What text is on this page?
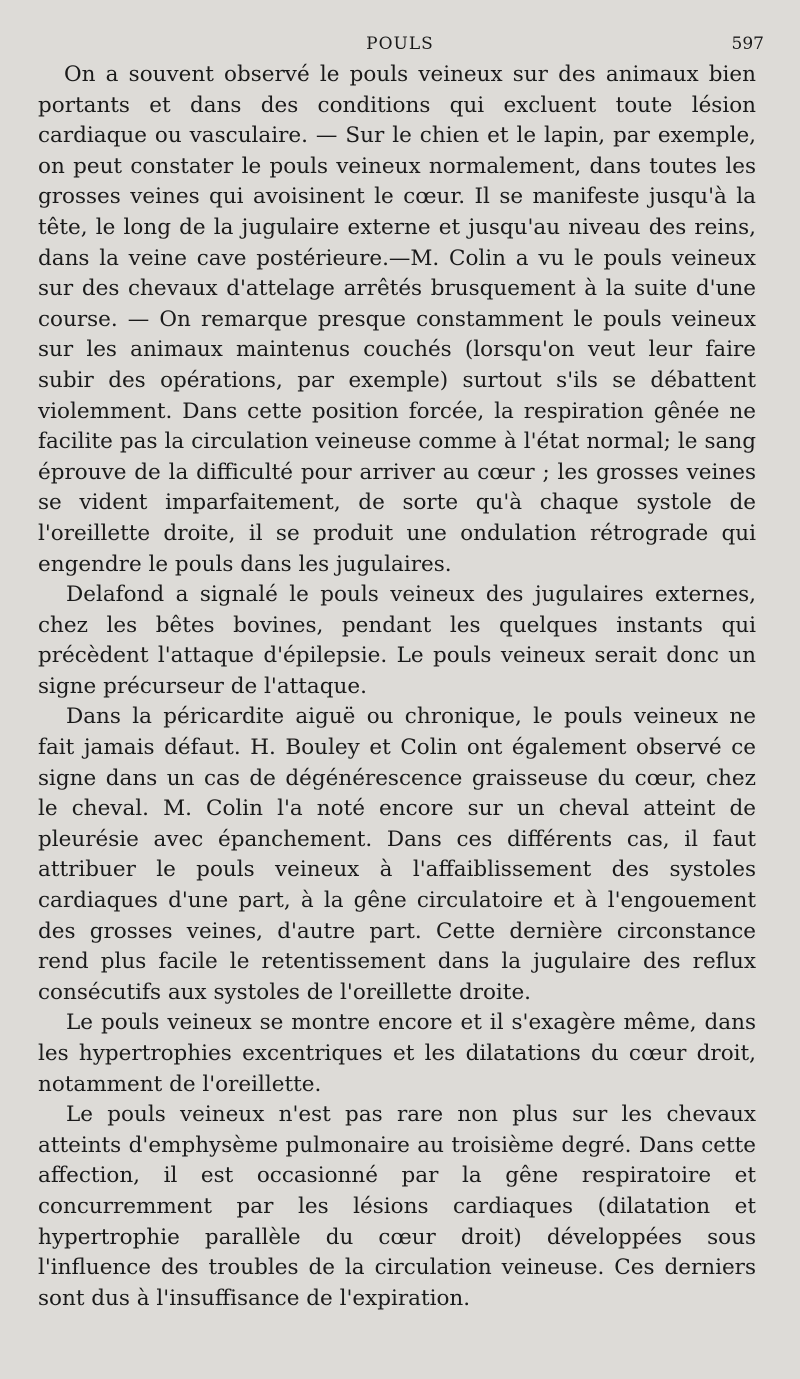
POULS	597

On a souvent observé le pouls veineux sur des animaux bien portants et dans des conditions qui excluent toute lésion cardiaque ou vasculaire. — Sur le chien et le lapin, par exemple, on peut constater le pouls veineux normalement, dans toutes les grosses veines qui avoisinent le cœur. Il se manifeste jusqu'à la tête, le long de la jugulaire externe et jusqu'au niveau des reins, dans la veine cave postérieure.—M. Colin a vu le pouls veineux sur des chevaux d'attelage arrêtés brusquement à la suite d'une course. — On remarque presque constamment le pouls veineux sur les animaux maintenus couchés (lorsqu'on veut leur faire subir des opérations, par exemple) surtout s'ils se débattent violemment. Dans cette position forcée, la respiration gênée ne facilite pas la circulation veineuse comme à l'état normal; le sang éprouve de la difficulté pour arriver au cœur ; les grosses veines se vident imparfaitement, de sorte qu'à chaque systole de l'oreillette droite, il se produit une ondulation rétrograde qui engendre le pouls dans les jugulaires.

Delafond a signalé le pouls veineux des jugulaires externes, chez les bêtes bovines, pendant les quelques instants qui précèdent l'attaque d'épilepsie. Le pouls veineux serait donc un signe précurseur de l'attaque.

Dans la péricardite aiguë ou chronique, le pouls veineux ne fait jamais défaut. H. Bouley et Colin ont également observé ce signe dans un cas de dégénérescence graisseuse du cœur, chez le cheval. M. Colin l'a noté encore sur un cheval atteint de pleurésie avec épanchement. Dans ces différents cas, il faut attribuer le pouls veineux à l'affaiblissement des systoles cardiaques d'une part, à la gêne circulatoire et à l'engouement des grosses veines, d'autre part. Cette dernière circonstance rend plus facile le retentissement dans la jugulaire des reflux consécutifs aux systoles de l'oreillette droite.

Le pouls veineux se montre encore et il s'exagère même, dans les hypertrophies excentriques et les dilatations du cœur droit, notamment de l'oreillette.

Le pouls veineux n'est pas rare non plus sur les chevaux atteints d'emphysème pulmonaire au troisième degré. Dans cette affection, il est occasionné par la gêne respiratoire et concurremment par les lésions cardiaques (dilatation et hypertrophie parallèle du cœur droit) développées sous l'influence des troubles de la circulation veineuse. Ces derniers sont dus à l'insuffisance de l'expiration.
